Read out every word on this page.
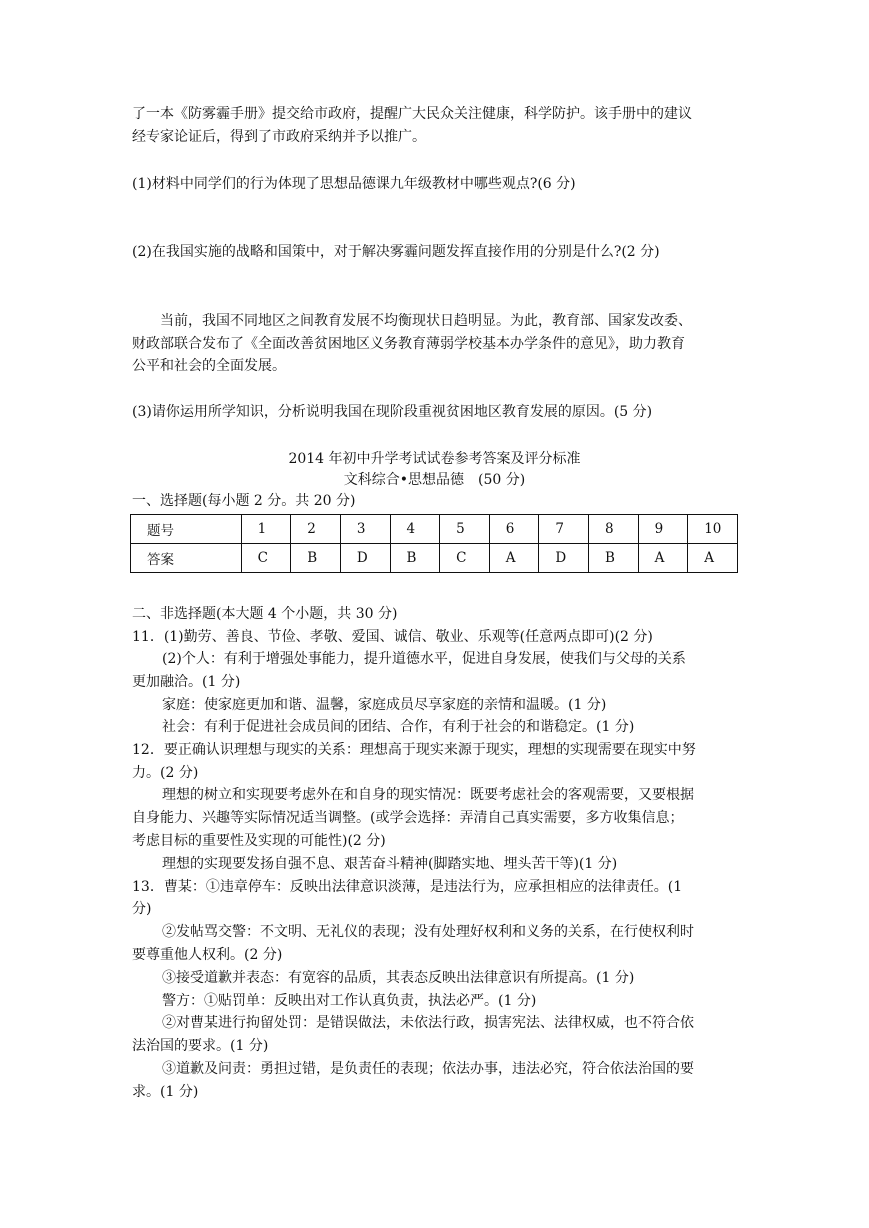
了一本《防雾霾手册》提交给市政府，提醒广大民众关注健康，科学防护。该手册中的建议

经专家论证后，得到了市政府采纳并予以推广。

(1)材料中同学们的行为体现了思想品德课九年级教材中哪些观点?(6 分)

(2)在我国实施的战略和国策中，对于解决雾霾问题发挥直接作用的分别是什么?(2 分)

当前，我国不同地区之间教育发展不均衡现状日趋明显。为此，教育部、国家发改委、

财政部联合发布了《全面改善贫困地区义务教育薄弱学校基本办学条件的意见》，助力教育

公平和社会的全面发展。

(3)请你运用所学知识，分析说明我国在现阶段重视贫困地区教育发展的原因。(5 分)

2014 年初中升学考试试卷参考答案及评分标准

文科综合•思想品德　(50 分)

一、选择题(每小题 2 分。共 20 分)

题号	1	2	3	4	5	6	7	8	9	10
答案	C	B	D	B	C	A	D	B	A	A

二、非选择题(本大题 4 个小题，共 30 分)

11．(1)勤劳、善良、节俭、孝敬、爱国、诚信、敬业、乐观等(任意两点即可)(2 分)

(2)个人：有利于增强处事能力，提升道德水平，促进自身发展，使我们与父母的关系

更加融洽。(1 分)

家庭：使家庭更加和谐、温馨，家庭成员尽享家庭的亲情和温暖。(1 分)

社会：有利于促进社会成员间的团结、合作，有利于社会的和谐稳定。(1 分)

12．要正确认识理想与现实的关系：理想高于现实来源于现实，理想的实现需要在现实中努

力。(2 分)

理想的树立和实现要考虑外在和自身的现实情况：既要考虑社会的客观需要，又要根据

自身能力、兴趣等实际情况适当调整。(或学会选择：弄清自己真实需要，多方收集信息；

考虑目标的重要性及实现的可能性)(2 分)

理想的实现要发扬自强不息、艰苦奋斗精神(脚踏实地、埋头苦干等)(1 分)

13．曹某：①违章停车：反映出法律意识淡薄，是违法行为，应承担相应的法律责任。(1

分)

②发帖骂交警：不文明、无礼仪的表现；没有处理好权利和义务的关系，在行使权利时

要尊重他人权利。(2 分)

③接受道歉并表态：有宽容的品质，其表态反映出法律意识有所提高。(1 分)

警方：①贴罚单：反映出对工作认真负责，执法必严。(1 分)

②对曹某进行拘留处罚：是错误做法，未依法行政，损害宪法、法律权威，也不符合依

法治国的要求。(1 分)

③道歉及问责：勇担过错，是负责任的表现；依法办事，违法必究，符合依法治国的要

求。(1 分)
